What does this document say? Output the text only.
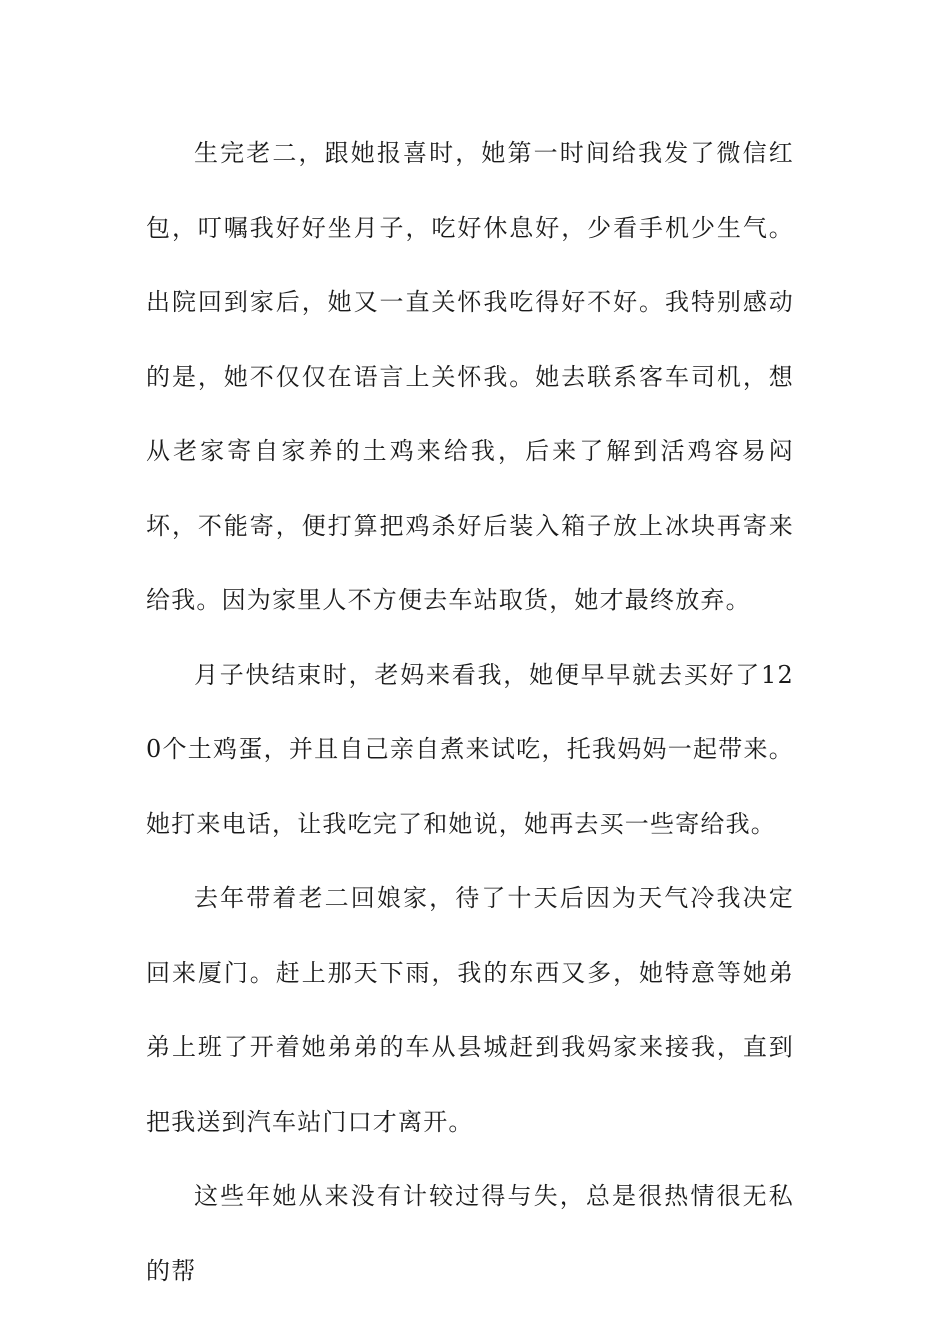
生完老二，跟她报喜时，她第一时间给我发了微信红包，叮嘱我好好坐月子，吃好休息好，少看手机少生气。出院回到家后，她又一直关怀我吃得好不好。我特别感动的是，她不仅仅在语言上关怀我。她去联系客车司机，想从老家寄自家养的土鸡来给我，后来了解到活鸡容易闷坏，不能寄，便打算把鸡杀好后装入箱子放上冰块再寄来给我。因为家里人不方便去车站取货，她才最终放弃。

月子快结束时，老妈来看我，她便早早就去买好了120个土鸡蛋，并且自己亲自煮来试吃，托我妈妈一起带来。她打来电话，让我吃完了和她说，她再去买一些寄给我。

去年带着老二回娘家，待了十天后因为天气冷我决定回来厦门。赶上那天下雨，我的东西又多，她特意等她弟弟上班了开着她弟弟的车从县城赶到我妈家来接我，直到把我送到汽车站门口才离开。

这些年她从来没有计较过得与失，总是很热情很无私的帮
